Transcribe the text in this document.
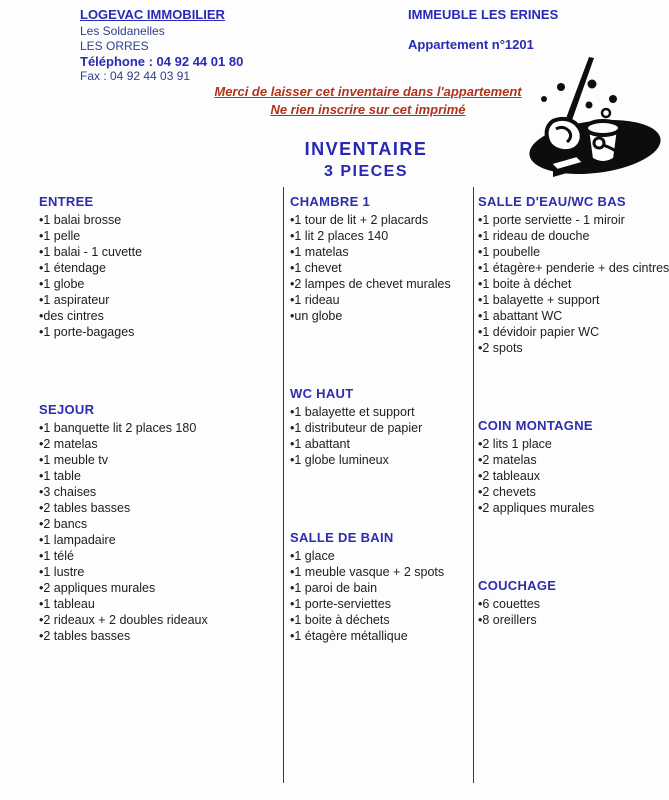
LOGEVAC IMMOBILIER
Les Soldanelles
LES ORRES
Téléphone : 04 92 44 01 80
Fax : 04 92 44 03 91
IMMEUBLE LES ERINES
Appartement n°1201
Merci de laisser cet inventaire dans l'appartement
Ne rien inscrire sur cet imprimé
INVENTAIRE
3 PIECES
ENTREE
•1 balai brosse
•1 pelle
•1 balai - 1 cuvette
•1 étendage
•1 globe
•1 aspirateur
•des cintres
•1 porte-bagages
SEJOUR
•1 banquette lit 2 places 180
•2 matelas
•1 meuble tv
•1 table
•3 chaises
•2 tables basses
•2 bancs
•1 lampadaire
•1 télé
•1 lustre
•2 appliques murales
•1 tableau
•2 rideaux + 2 doubles rideaux
•2 tables basses
CHAMBRE 1
•1 tour de lit + 2 placards
•1 lit 2 places 140
•1 matelas
•1 chevet
•2 lampes de chevet murales
•1 rideau
•un globe
WC HAUT
•1 balayette et support
•1 distributeur de papier
•1 abattant
•1 globe lumineux
SALLE DE BAIN
•1 glace
•1 meuble vasque + 2 spots
•1 paroi de bain
•1 porte-serviettes
•1 boite à déchets
•1 étagère métallique
SALLE D'EAU/WC BAS
•1 porte serviette - 1 miroir
•1 rideau de douche
•1 poubelle
•1 étagère+ penderie + des cintres
•1 boite à déchet
•1 balayette + support
•1 abattant WC
•1 dévidoir papier WC
•2 spots
COIN MONTAGNE
•2 lits 1 place
•2 matelas
•2 tableaux
•2 chevets
•2 appliques murales
COUCHAGE
•6 couettes
•8 oreillers
